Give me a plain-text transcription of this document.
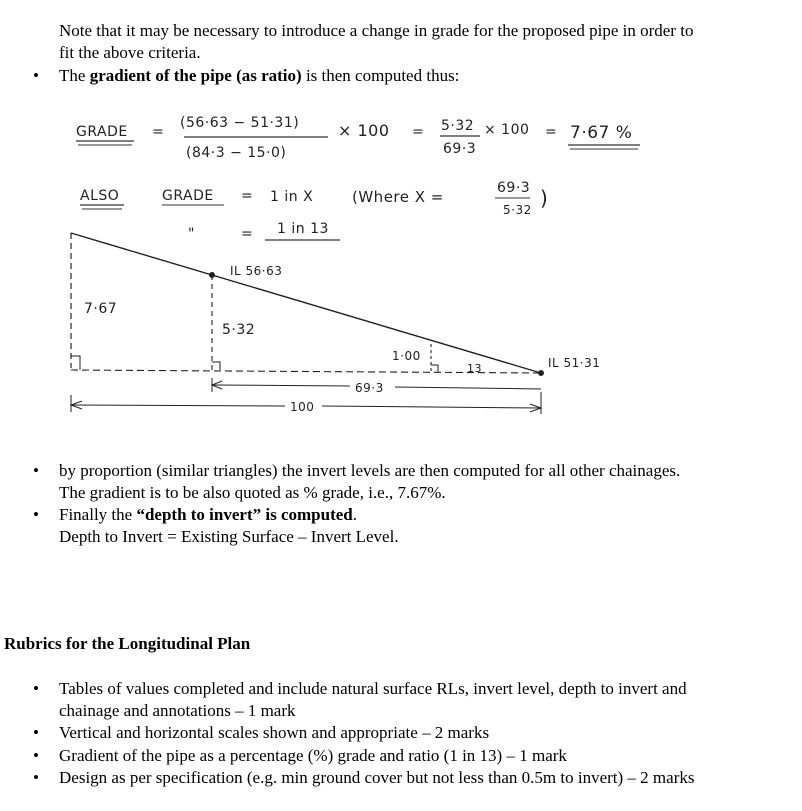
Note that it may be necessary to introduce a change in grade for the proposed pipe in order to
fit the above criteria.
• The gradient of the pipe (as ratio) is then computed thus:
GRADE =
(56·63 − 51·31)
(84·3 − 15·0)
× 100 = 5·32
69·3
× 100 = 7·67 %
ALSO	GRADE = 1 in X	(Where X =	69·3
5·32 )
"	= 1 in 13
IL 56·63
IL 51·31
7·67
5·32
1·00
13
69·3
100
• by proportion (similar triangles) the invert levels are then computed for all other chainages.
The gradient is to be also quoted as % grade, i.e., 7.67%.
• Finally the “depth to invert” is computed.
Depth to Invert = Existing Surface – Invert Level.
Rubrics for the Longitudinal Plan
• Tables of values completed and include natural surface RLs, invert level, depth to invert and
chainage and annotations – 1 mark
• Vertical and horizontal scales shown and appropriate – 2 marks
• Gradient of the pipe as a percentage (%) grade and ratio (1 in 13) – 1 mark
• Design as per specification (e.g. min ground cover but not less than 0.5m to invert) – 2 marks
